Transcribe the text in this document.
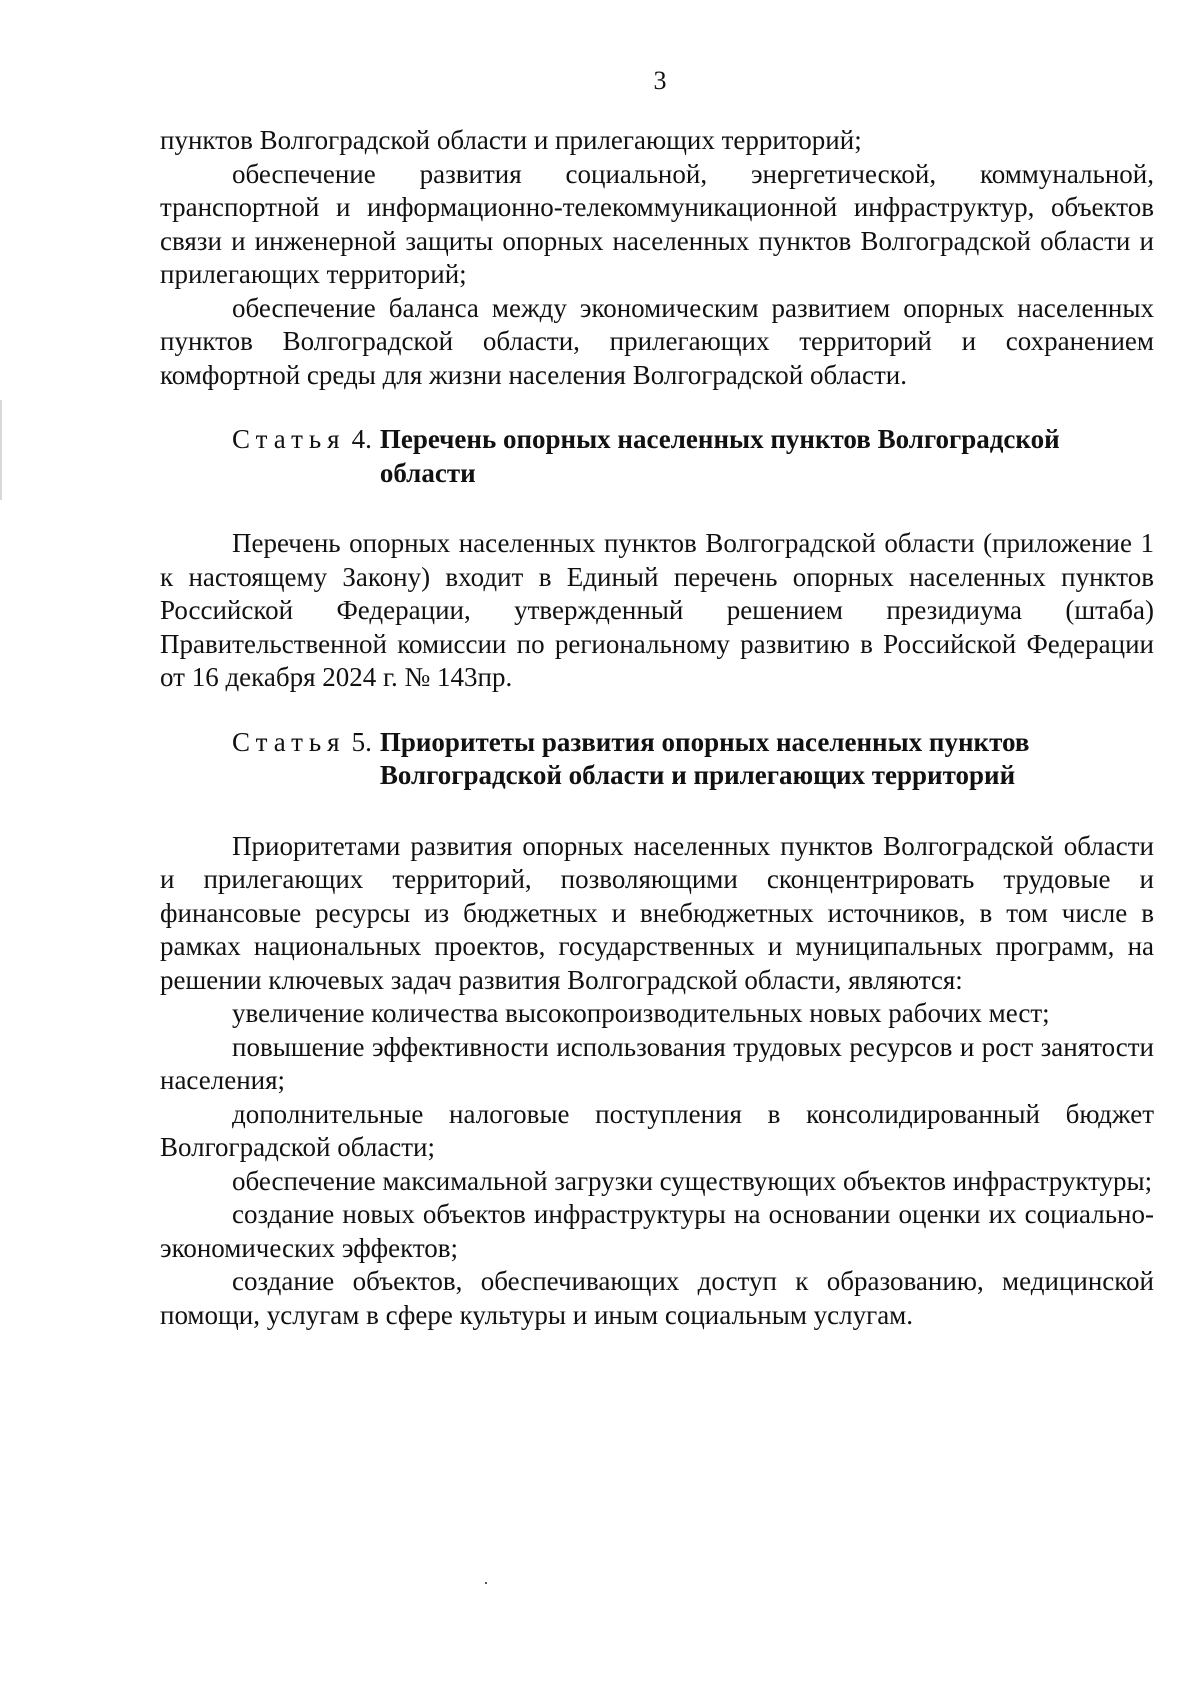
3

пунктов Волгоградской области и прилегающих территорий;

обеспечение развития социальной, энергетической, коммунальной, транспортной и информационно-телекоммуникационной инфраструктур, объектов связи и инженерной защиты опорных населенных пунктов Волгоградской области и прилегающих территорий;

обеспечение баланса между экономическим развитием опорных населенных пунктов Волгоградской области, прилегающих территорий и сохранением комфортной среды для жизни населения Волгоградской области.

Статья 4. Перечень опорных населенных пунктов Волгоградской области

Перечень опорных населенных пунктов Волгоградской области (приложение 1 к настоящему Закону) входит в Единый перечень опорных населенных пунктов Российской Федерации, утвержденный решением президиума (штаба) Правительственной комиссии по региональному развитию в Российской Федерации от 16 декабря 2024 г. № 143пр.

Статья 5. Приоритеты развития опорных населенных пунктов Волгоградской области и прилегающих территорий

Приоритетами развития опорных населенных пунктов Волгоградской области и прилегающих территорий, позволяющими сконцентрировать трудовые и финансовые ресурсы из бюджетных и внебюджетных источников, в том числе в рамках национальных проектов, государственных и муниципальных программ, на решении ключевых задач развития Волгоградской области, являются:

увеличение количества высокопроизводительных новых рабочих мест;

повышение эффективности использования трудовых ресурсов и рост занятости населения;

дополнительные налоговые поступления в консолидированный бюджет Волгоградской области;

обеспечение максимальной загрузки существующих объектов инфраструктуры;

создание новых объектов инфраструктуры на основании оценки их социально-экономических эффектов;

создание объектов, обеспечивающих доступ к образованию, медицинской помощи, услугам в сфере культуры и иным социальным услугам.
